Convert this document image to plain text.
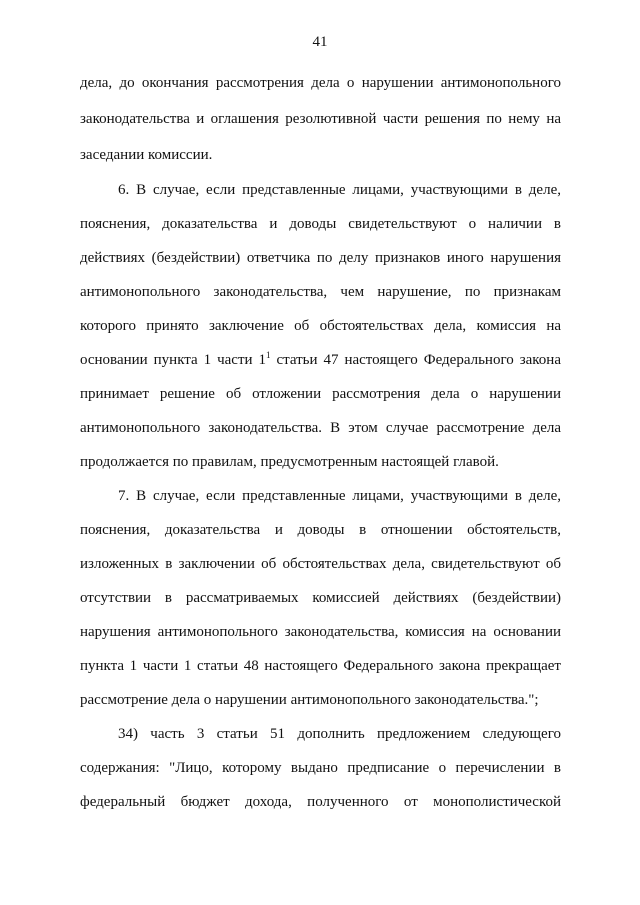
41
дела, до окончания рассмотрения дела о нарушении антимонопольного
законодательства и оглашения резолютивной части решения по нему на
заседании комиссии.
6. В случае, если представленные лицами, участвующими в деле,
пояснения, доказательства и доводы свидетельствуют о наличии в
действиях (бездействии) ответчика по делу признаков иного нарушения
антимонопольного законодательства, чем нарушение, по признакам
которого принято заключение об обстоятельствах дела, комиссия на
основании пункта 1 части $1^1$ статьи 47 настоящего Федерального закона
принимает решение об отложении рассмотрения дела о нарушении
антимонопольного законодательства. В этом случае рассмотрение дела
продолжается по правилам, предусмотренным настоящей главой.
7. В случае, если представленные лицами, участвующими в деле,
пояснения, доказательства и доводы в отношении обстоятельств,
изложенных в заключении об обстоятельствах дела, свидетельствуют об
отсутствии в рассматриваемых комиссией действиях (бездействии)
нарушения антимонопольного законодательства, комиссия на основании
пункта 1 части 1 статьи 48 настоящего Федерального закона прекращает
рассмотрение дела о нарушении антимонопольного законодательства.";
34) часть 3 статьи 51 дополнить предложением следующего
содержания: "Лицо, которому выдано предписание о перечислении в
федеральный бюджет дохода, полученного от монополистической
